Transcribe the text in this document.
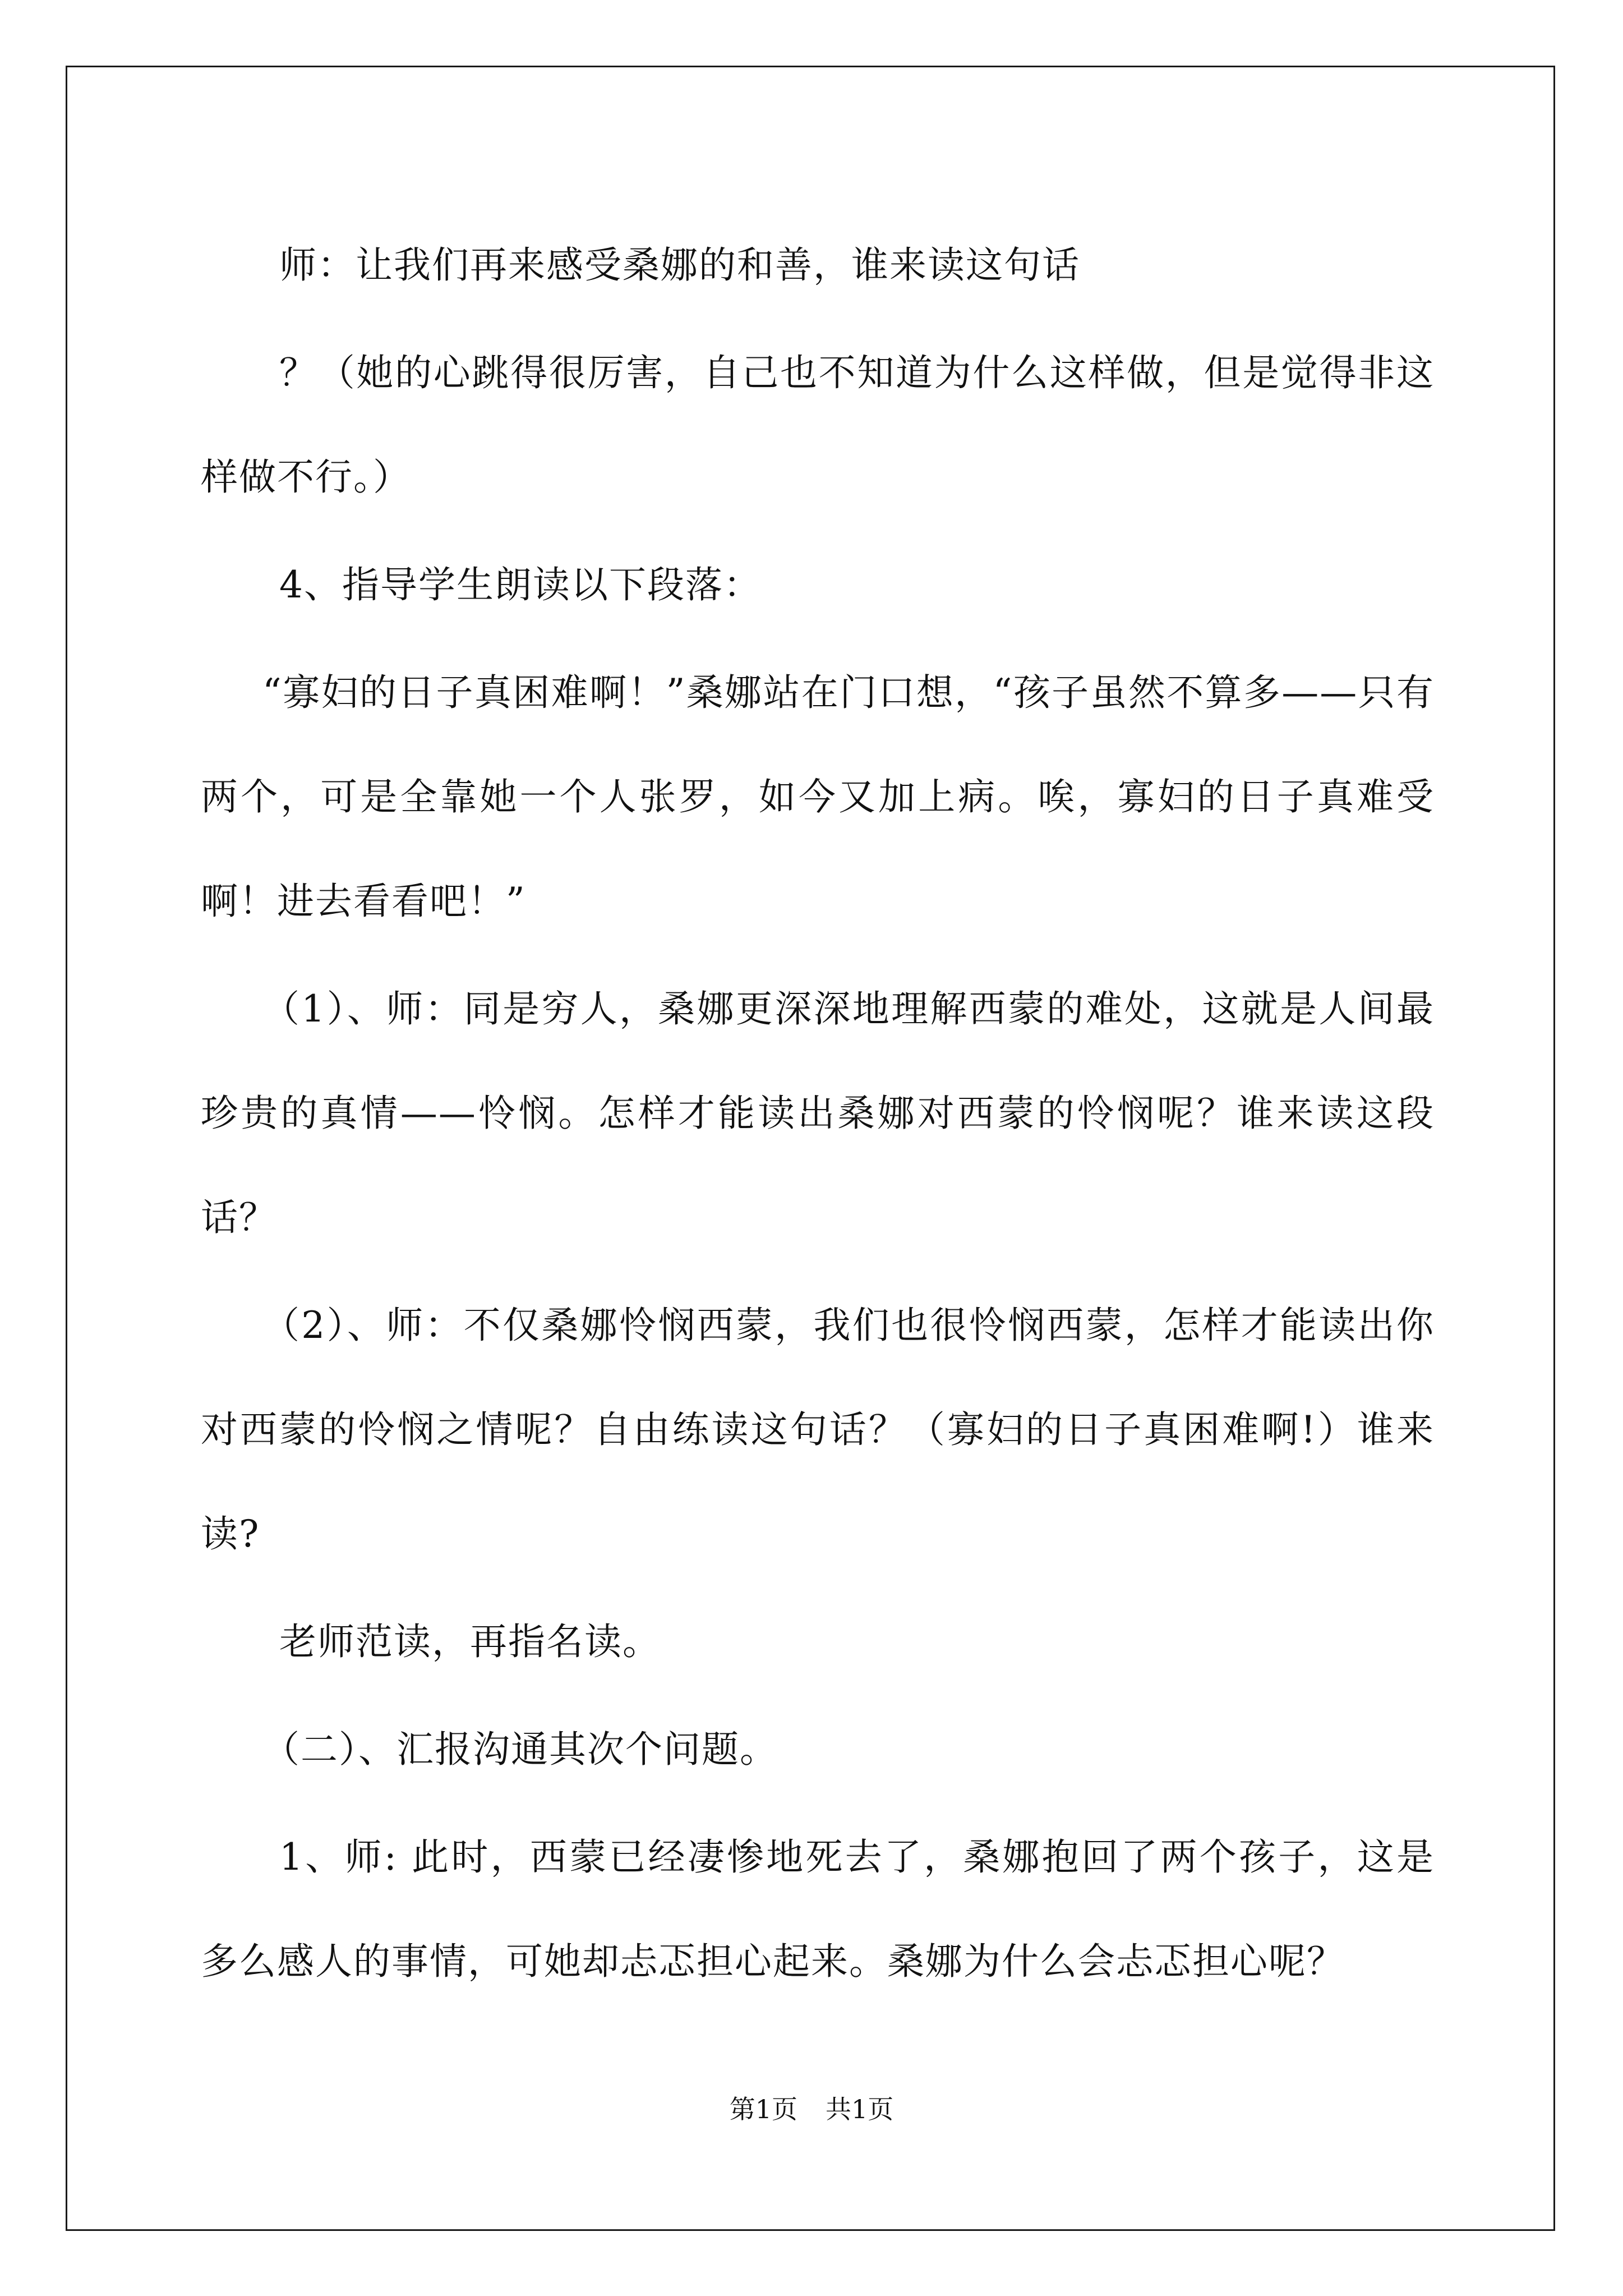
师：让我们再来感受桑娜的和善，谁来读这句话

？（她的心跳得很厉害，自己也不知道为什么这样做，但是觉得非这样做不行。）

4、指导学生朗读以下段落：

“寡妇的日子真困难啊！”桑娜站在门口想，“孩子虽然不算多——只有两个，可是全靠她一个人张罗，如今又加上病。唉，寡妇的日子真难受啊！进去看看吧！”

（1）、师：同是穷人，桑娜更深深地理解西蒙的难处，这就是人间最珍贵的真情——怜悯。怎样才能读出桑娜对西蒙的怜悯呢？谁来读这段话？

（2）、师：不仅桑娜怜悯西蒙，我们也很怜悯西蒙，怎样才能读出你对西蒙的怜悯之情呢？自由练读这句话？（寡妇的日子真困难啊!）谁来读?

老师范读，再指名读。

（二）、汇报沟通其次个问题。

1、师: 此时，西蒙已经凄惨地死去了，桑娜抱回了两个孩子，这是多么感人的事情，可她却忐忑担心起来。桑娜为什么会忐忑担心呢？

第1页 共1页
